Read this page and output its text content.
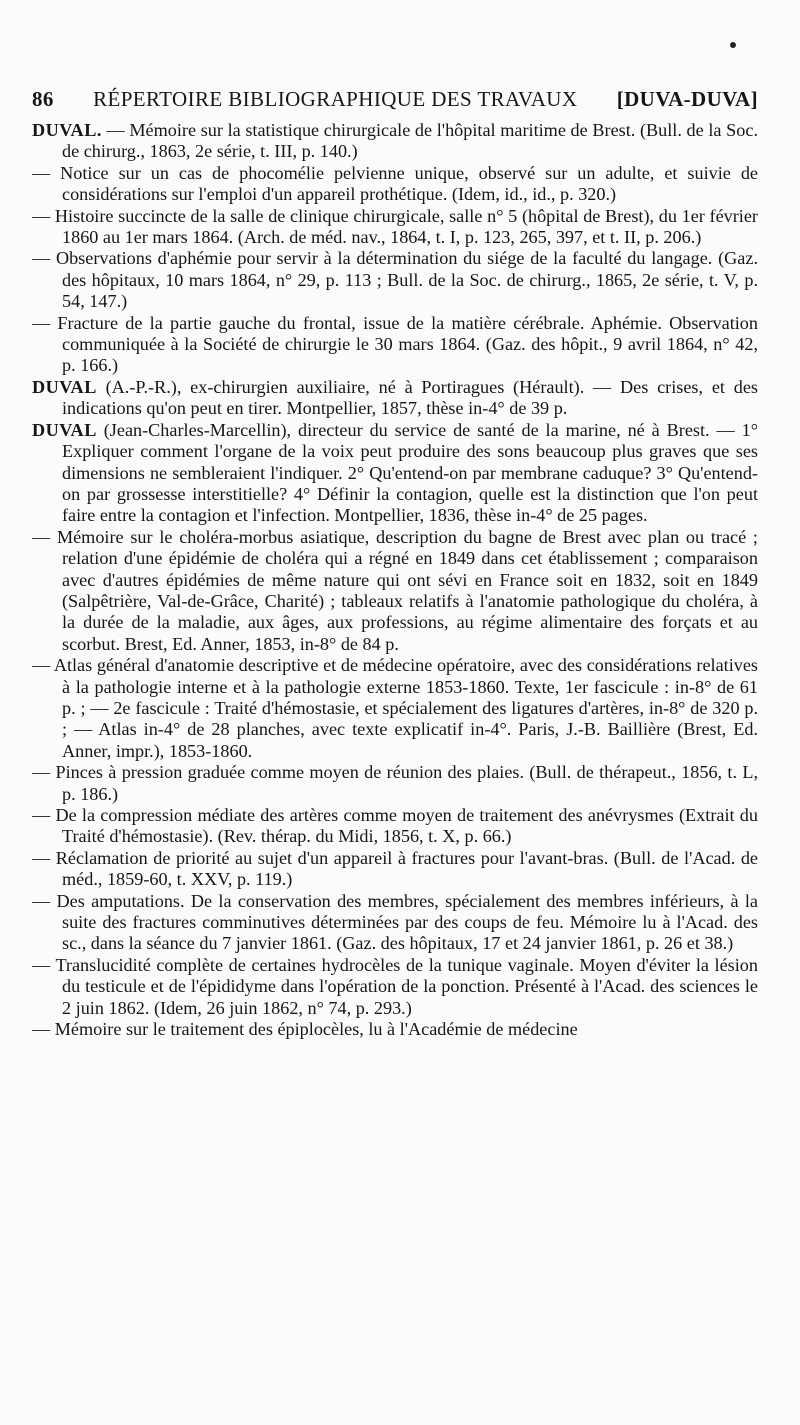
86	RÉPERTOIRE BIBLIOGRAPHIQUE DES TRAVAUX	[DUVA-DUVA]

DUVAL. — Mémoire sur la statistique chirurgicale de l'hôpital maritime de Brest. (Bull. de la Soc. de chirurg., 1863, 2e série, t. III, p. 140.)

— Notice sur un cas de phocomélie pelvienne unique, observé sur un adulte, et suivie de considérations sur l'emploi d'un appareil prothétique. (Idem, id., id., p. 320.)

— Histoire succincte de la salle de clinique chirurgicale, salle n° 5 (hôpital de Brest), du 1er février 1860 au 1er mars 1864. (Arch. de méd. nav., 1864, t. I, p. 123, 265, 397, et t. II, p. 206.)

— Observations d'aphémie pour servir à la détermination du siége de la faculté du langage. (Gaz. des hôpitaux, 10 mars 1864, n° 29, p. 113 ; Bull. de la Soc. de chirurg., 1865, 2e série, t. V, p. 54, 147.)

— Fracture de la partie gauche du frontal, issue de la matière cérébrale. Aphémie. Observation communiquée à la Société de chirurgie le 30 mars 1864. (Gaz. des hôpit., 9 avril 1864, n° 42, p. 166.)

DUVAL (A.-P.-R.), ex-chirurgien auxiliaire, né à Portiragues (Hérault). — Des crises, et des indications qu'on peut en tirer. Montpellier, 1857, thèse in-4° de 39 p.

DUVAL (Jean-Charles-Marcellin), directeur du service de santé de la marine, né à Brest. — 1° Expliquer comment l'organe de la voix peut produire des sons beaucoup plus graves que ses dimensions ne sembleraient l'indiquer. 2° Qu'entend-on par membrane caduque? 3° Qu'entend-on par grossesse interstitielle? 4° Définir la contagion, quelle est la distinction que l'on peut faire entre la contagion et l'infection. Montpellier, 1836, thèse in-4° de 25 pages.

— Mémoire sur le choléra-morbus asiatique, description du bagne de Brest avec plan ou tracé ; relation d'une épidémie de choléra qui a régné en 1849 dans cet établissement ; comparaison avec d'autres épidémies de même nature qui ont sévi en France soit en 1832, soit en 1849 (Salpêtrière, Val-de-Grâce, Charité) ; tableaux relatifs à l'anatomie pathologique du choléra, à la durée de la maladie, aux âges, aux professions, au régime alimentaire des forçats et au scorbut. Brest, Ed. Anner, 1853, in-8° de 84 p.

— Atlas général d'anatomie descriptive et de médecine opératoire, avec des considérations relatives à la pathologie interne et à la pathologie externe 1853-1860. Texte, 1er fascicule : in-8° de 61 p. ; — 2e fascicule : Traité d'hémostasie, et spécialement des ligatures d'artères, in-8° de 320 p. ; — Atlas in-4° de 28 planches, avec texte explicatif in-4°. Paris, J.-B. Baillière (Brest, Ed. Anner, impr.), 1853-1860.

— Pinces à pression graduée comme moyen de réunion des plaies. (Bull. de thérapeut., 1856, t. L, p. 186.)

— De la compression médiate des artères comme moyen de traitement des anévrysmes (Extrait du Traité d'hémostasie). (Rev. thérap. du Midi, 1856, t. X, p. 66.)

— Réclamation de priorité au sujet d'un appareil à fractures pour l'avant-bras. (Bull. de l'Acad. de méd., 1859-60, t. XXV, p. 119.)

— Des amputations. De la conservation des membres, spécialement des membres inférieurs, à la suite des fractures comminutives déterminées par des coups de feu. Mémoire lu à l'Acad. des sc., dans la séance du 7 janvier 1861. (Gaz. des hôpitaux, 17 et 24 janvier 1861, p. 26 et 38.)

— Translucidité complète de certaines hydrocèles de la tunique vaginale. Moyen d'éviter la lésion du testicule et de l'épididyme dans l'opération de la ponction. Présenté à l'Acad. des sciences le 2 juin 1862. (Idem, 26 juin 1862, n° 74, p. 293.)

— Mémoire sur le traitement des épiplocèles, lu à l'Académie de médecine
